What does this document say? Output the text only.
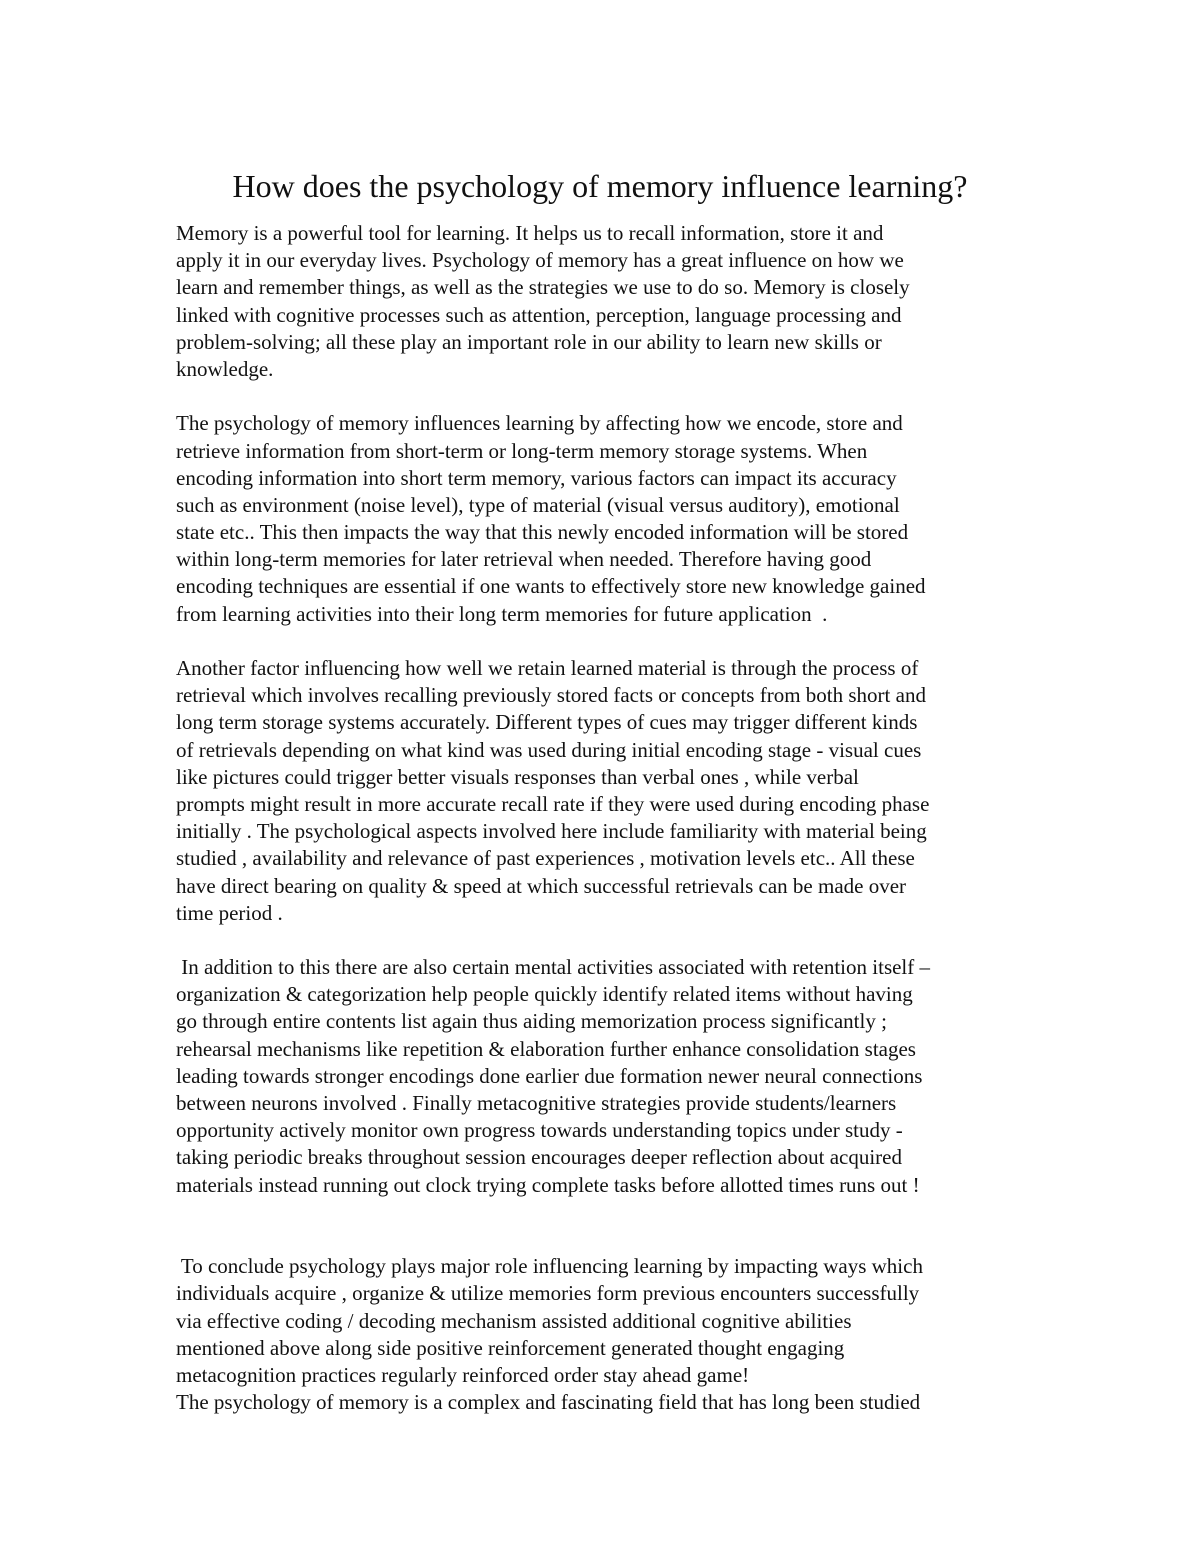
How does the psychology of memory influence learning?
Memory is a powerful tool for learning. It helps us to recall information, store it and
apply it in our everyday lives. Psychology of memory has a great influence on how we
learn and remember things, as well as the strategies we use to do so. Memory is closely
linked with cognitive processes such as attention, perception, language processing and
problem-solving; all these play an important role in our ability to learn new skills or
knowledge.
The psychology of memory influences learning by affecting how we encode, store and
retrieve information from short-term or long-term memory storage systems. When
encoding information into short term memory, various factors can impact its accuracy
such as environment (noise level), type of material (visual versus auditory), emotional
state etc.. This then impacts the way that this newly encoded information will be stored
within long-term memories for later retrieval when needed. Therefore having good
encoding techniques are essential if one wants to effectively store new knowledge gained
from learning activities into their long term memories for future application  .
Another factor influencing how well we retain learned material is through the process of
retrieval which involves recalling previously stored facts or concepts from both short and
long term storage systems accurately. Different types of cues may trigger different kinds
of retrievals depending on what kind was used during initial encoding stage - visual cues
like pictures could trigger better visuals responses than verbal ones , while verbal
prompts might result in more accurate recall rate if they were used during encoding phase
initially . The psychological aspects involved here include familiarity with material being
studied , availability and relevance of past experiences , motivation levels etc.. All these
have direct bearing on quality & speed at which successful retrievals can be made over
time period .
In addition to this there are also certain mental activities associated with retention itself –
organization & categorization help people quickly identify related items without having
go through entire contents list again thus aiding memorization process significantly ;
rehearsal mechanisms like repetition & elaboration further enhance consolidation stages
leading towards stronger encodings done earlier due formation newer neural connections
between neurons involved . Finally metacognitive strategies provide students/learners
opportunity actively monitor own progress towards understanding topics under study -
taking periodic breaks throughout session encourages deeper reflection about acquired
materials instead running out clock trying complete tasks before allotted times runs out !
To conclude psychology plays major role influencing learning by impacting ways which
individuals acquire , organize & utilize memories form previous encounters successfully
via effective coding / decoding mechanism assisted additional cognitive abilities
mentioned above along side positive reinforcement generated thought engaging
metacognition practices regularly reinforced order stay ahead game!
The psychology of memory is a complex and fascinating field that has long been studied
